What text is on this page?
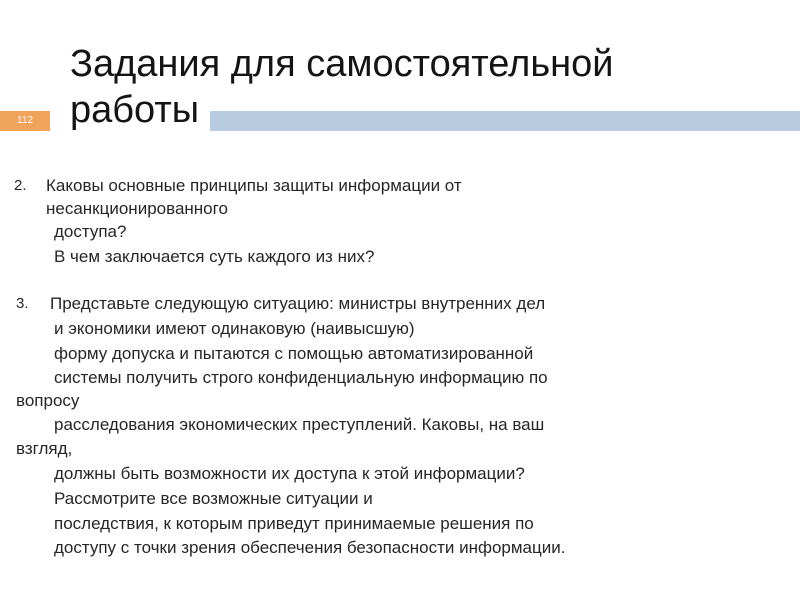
Задания для самостоятельной
работы
112
2. Каковы основные принципы защиты информации от
несанкционированного
доступа?
В чем заключается суть каждого из них?
3. Представьте следующую ситуацию: министры внутренних дел
и экономики имеют одинаковую (наивысшую)
форму допуска и пытаются с помощью автоматизированной
системы получить строго конфиденциальную информацию по
вопросу
расследования экономических преступлений. Каковы, на ваш
взгляд,
должны быть возможности их доступа к этой информации?
Рассмотрите все возможные ситуации и
последствия, к которым приведут принимаемые решения по
доступу с точки зрения обеспечения безопасности информации.
